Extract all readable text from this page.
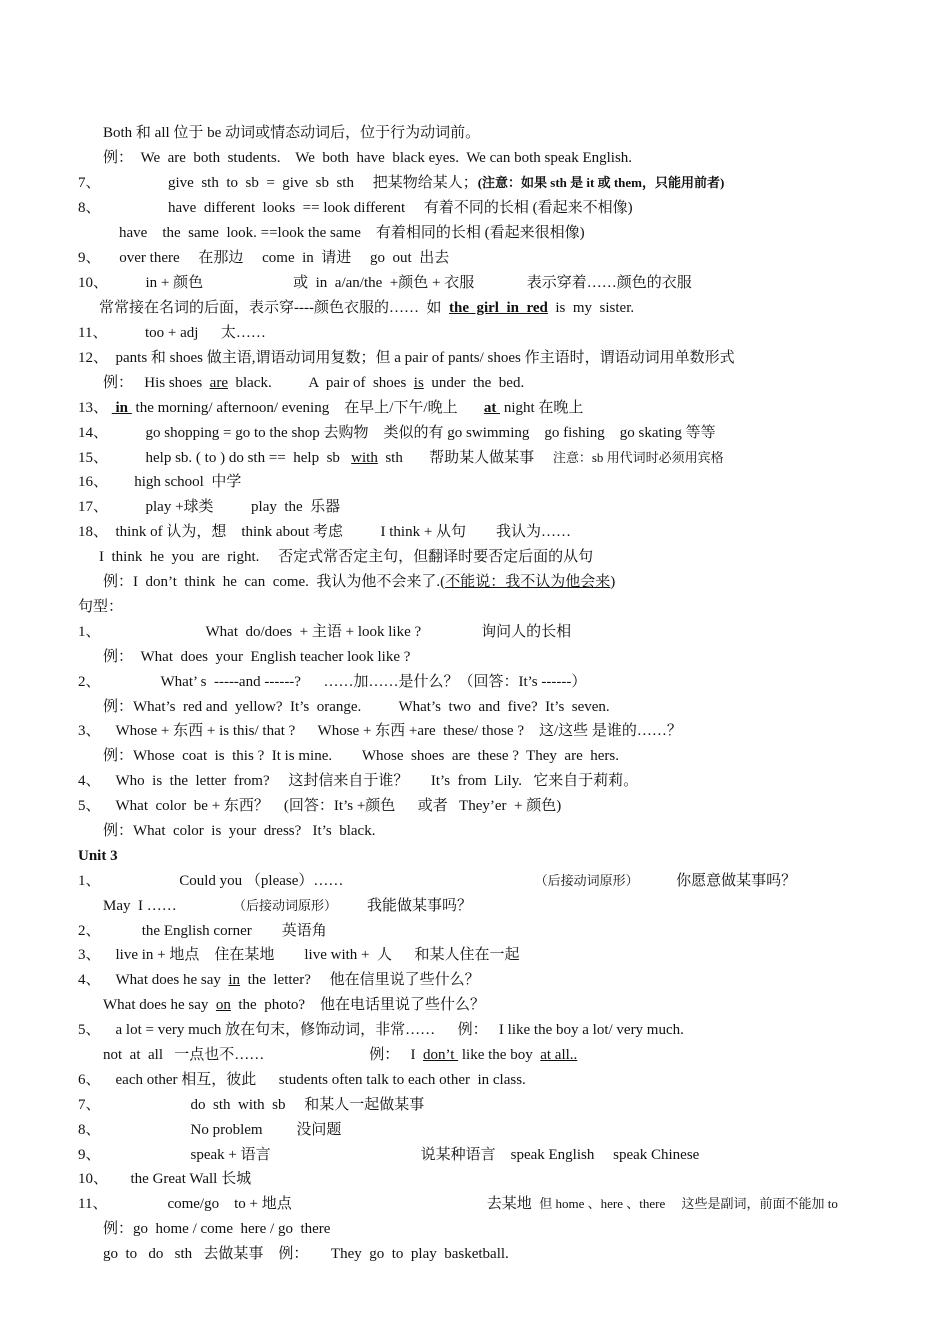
Both 和 all 位于 be 动词或情态动词后，位于行为动词前。
例：  We  are  both  students.    We  both  have  black eyes.  We can both speak English.
7、                  give  sth  to  sb  =  give  sb  sth     把某物给某人；(注意：如果 sth 是 it 或 them，只能用前者)
8、                  have  different  looks  == look different     有着不同的长相 (看起来不相像)
have    the  same  look. ==look the same    有着相同的长相 (看起来很相像)
9、     over there     在那边     come  in  请进     go  out  出去
10、          in + 颜色                        或  in  a/an/the  +颜色 + 衣服              表示穿着……颜色的衣服
常常接在名词的后面，表示穿----颜色衣服的……  如  the  girl  in  red  is  my  sister.
11、          too + adj      太……
12、  pants 和 shoes 做主语,谓语动词用复数；但 a pair of pants/ shoes 作主语时，谓语动词用单数形式
例：   His shoes  are  black.          A  pair of  shoes  is  under  the  bed.
13、  in  the morning/ afternoon/ evening    在早上/下午/晚上       at  night 在晚上
14、          go shopping = go to the shop 去购物    类似的有 go swimming    go fishing    go skating 等等
15、          help sb. ( to ) do sth ==  help  sb   with  sth       帮助某人做某事     注意：sb 用代词时必须用宾格
16、       high school  中学
17、          play +球类          play  the  乐器
18、  think of 认为，想    think about 考虑          I think + 从句        我认为……
I  think  he  you  are  right.     否定式常否定主句，但翻译时要否定后面的从句
例：I  don’t  think  he  can  come.  我认为他不会来了.(不能说：我不认为他会来)
句型：
1、                            What  do/does  + 主语 + look like ?                询问人的长相
例：  What  does  your  English teacher look like ?
2、                What’ s  -----and ------?      ……加……是什么？（回答：It’s ------）
例：What’s  red and  yellow?  It’s  orange.          What’s  two  and  five?  It’s  seven.
3、    Whose + 东西 + is this/ that ?      Whose + 东西 +are  these/ those ?    这/这些 是谁的……？
例：Whose  coat  is  this ?  It is mine.        Whose  shoes  are  these ?  They  are  hers.
4、    Who  is  the  letter  from?     这封信来自于谁？      It’s  from  Lily.   它来自于莉莉。
5、    What  color  be + 东西？    (回答：It’s +颜色      或者   They’er  + 颜色)
例：What  color  is  your  dress?   It’s  black.
Unit 3
1、                     Could you （please）……                                                   （后接动词原形）          你愿意做某事吗？
May  I ……               （后接动词原形）        我能做某事吗？
2、           the English corner        英语角
3、    live in + 地点    住在某地        live with +  人      和某人住在一起
4、    What does he say  in  the  letter?     他在信里说了些什么？
What does he say  on  the  photo?    他在电话里说了些什么？
5、    a lot = very much 放在句末，修饰动词，非常……      例：   I like the boy a lot/ very much.
not  at  all   一点也不……                            例：   I  don’t  like the boy  at all..
6、    each other 相互，彼此      students often talk to each other  in class.
7、                        do  sth  with  sb     和某人一起做某事
8、                        No problem         没问题
9、                        speak + 语言                                        说某种语言    speak English     speak Chinese
10、      the Great Wall 长城
11、                come/go    to + 地点                                                    去某地  但 home 、here 、there     这些是副词，前面不能加 to
例：go  home / come  here / go  there
go  to   do   sth   去做某事    例：      They  go  to  play  basketball.
